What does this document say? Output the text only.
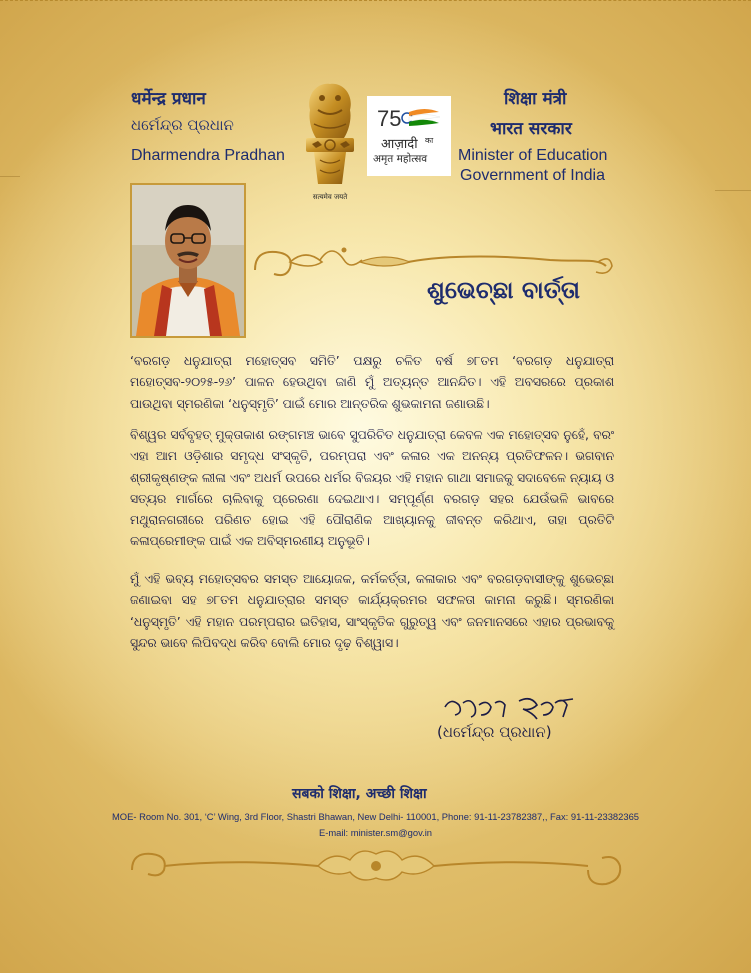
धर्मेन्द्र प्रधान
ଧର୍ମେନ୍ଦ୍ର ପ୍ରଧାନ
Dharmendra Pradhan
सत्यमेव जयते
75
आज़ादी का
अमृत महोत्सव
शिक्षा मंत्री
भारत सरकार
Minister of Education
Government of India
ଶୁଭେଚ୍ଛା ବାର୍ତ୍ତା

‘ବରଗଡ଼ ଧନୁଯାତ୍ରା ମହୋତ୍ସବ ସମିତି’ ପକ୍ଷରୁ ଚଳିତ ବର୍ଷ ୭୮ତମ ‘ବରଗଡ଼ ଧନୁଯାତ୍ରା ମହୋତ୍ସବ-୨୦୨୫-୨୬’ ପାଳନ ହେଉଥିବା ଜାଣି ମୁଁ ଅତ୍ୟନ୍ତ ଆନନ୍ଦିତ। ଏହି ଅବସରରେ ପ୍ରକାଶ ପାଉଥିବା ସ୍ମରଣିକା ‘ଧନୁସ୍ମୃତି’ ପାଇଁ ମୋର ଆନ୍ତରିକ ଶୁଭକାମନା ଜଣାଉଛି।

ବିଶ୍ୱର ସର୍ବବୃହତ୍ ମୁକ୍ତାକାଶ ରଙ୍ଗମଞ୍ଚ ଭାବେ ସୁପରିଚିତ ଧନୁଯାତ୍ରା କେବଳ ଏକ ମହୋତ୍ସବ ନୁହେଁ, ବରଂ ଏହା ଆମ ଓଡ଼ିଶାର ସମୃଦ୍ଧ ସଂସ୍କୃତି, ପରମ୍ପରା ଏବଂ କଳାର ଏକ ଅନନ୍ୟ ପ୍ରତିଫଳନ। ଭଗବାନ ଶ୍ରୀକୃଷ୍ଣଙ୍କ ଲୀଳା ଏବଂ ଅଧର୍ମ ଉପରେ ଧର୍ମର ବିଜୟର ଏହି ମହାନ ଗାଥା ସମାଜକୁ ସଦାବେଳେ ନ୍ୟାୟ ଓ ସତ୍ୟର ମାର୍ଗରେ ଚାଲିବାକୁ ପ୍ରେରଣା ଦେଇଥାଏ। ସମ୍ପୂର୍ଣ୍ଣ ବରଗଡ଼ ସହର ଯେଉଁଭଳି ଭାବରେ ମଥୁରାନଗରୀରେ ପରିଣତ ହୋଇ ଏହି ପୌରାଣିକ ଆଖ୍ୟାନକୁ ଜୀବନ୍ତ କରିଥାଏ, ତାହା ପ୍ରତିଟି କଳାପ୍ରେମୀଙ୍କ ପାଇଁ ଏକ ଅବିସ୍ମରଣୀୟ ଅନୁଭୂତି।

ମୁଁ ଏହି ଭବ୍ୟ ମହୋତ୍ସବର ସମସ୍ତ ଆୟୋଜକ, କର୍ମକର୍ତ୍ତା, କଳାକାର ଏବଂ ବରଗଡ଼ବାସୀଙ୍କୁ ଶୁଭେଚ୍ଛା ଜଣାଇବା ସହ ୭୮ତମ ଧନୁଯାତ୍ରାର ସମସ୍ତ କାର୍ଯ୍ୟକ୍ରମର ସଫଳତା କାମନା କରୁଛି। ସ୍ମରଣିକା ‘ଧନୁସ୍ମୃତି’ ଏହି ମହାନ ପରମ୍ପରାର ଇତିହାସ, ସାଂସ୍କୃତିକ ଗୁରୁତ୍ୱ ଏବଂ ଜନମାନସରେ ଏହାର ପ୍ରଭାବକୁ ସୁନ୍ଦର ଭାବେ ଲିପିବଦ୍ଧ କରିବ ବୋଲି ମୋର ଦୃଢ଼ ବିଶ୍ୱାସ।

(ଧର୍ମେନ୍ଦ୍ର ପ୍ରଧାନ)
सबको शिक्षा, अच्छी शिक्षा
MOE- Room No. 301, ‘C’ Wing, 3rd Floor, Shastri Bhawan, New Delhi- 110001, Phone: 91-11-23782387,, Fax: 91-11-23382365
E-mail: minister.sm@gov.in
